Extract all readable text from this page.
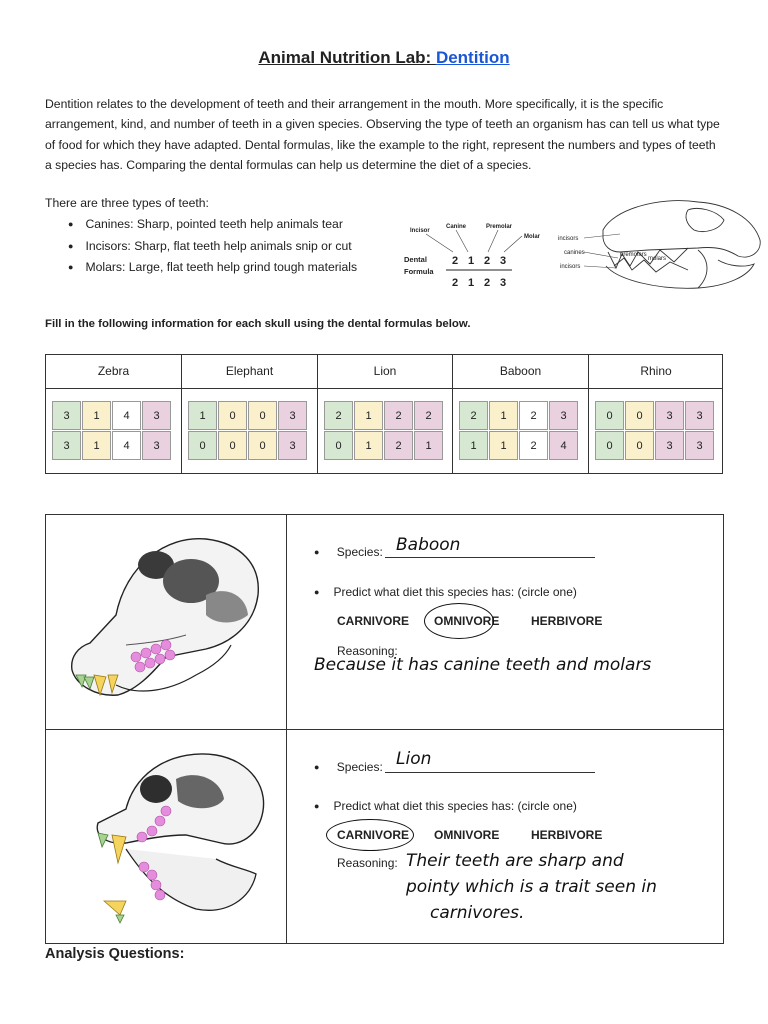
Animal Nutrition Lab: Dentition
Dentition relates to the development of teeth and their arrangement in the mouth. More specifically, it is the specific arrangement, kind, and number of teeth in a given species. Observing the type of teeth an organism has can tell us what type of food for which they have adapted. Dental formulas, like the example to the right, represent the numbers and types of teeth a species has. Comparing the dental formulas can help us determine the diet of a species.
There are three types of teeth:
● Canines: Sharp, pointed teeth help animals tear
● Incisors: Sharp, flat teeth help animals snip or cut
● Molars: Large, flat teeth help grind tough materials
Incisor
Canine	Premolar
Molar
Dental
Formula
2 1 2 3
2 1 2 3
incisors
canines
incisors
premolars
molars
Fill in the following information for each skull using the dental formulas below.
Zebra
3	1	4	3
3	1	4	3
Elephant
1	0	0	3
0	0	0	3
Lion
2	1	2	2
0	1	2	1
Baboon
2	1	2	3
1	1	2	4
Rhino
0	0	3	3
0	0	3	3
● Species: Baboon
● Predict what diet this species has: (circle one)
CARNIVORE OMNIVORE	HERBIVORE
Reasoning:
Because it has canine teeth and molars
● Species: Lion
● Predict what diet this species has: (circle one)
CARNIVORE OMNIVORE	HERBIVORE
Reasoning: Their teeth are sharp and
pointy which is a trait seen in
carnivores.
Analysis Questions:
